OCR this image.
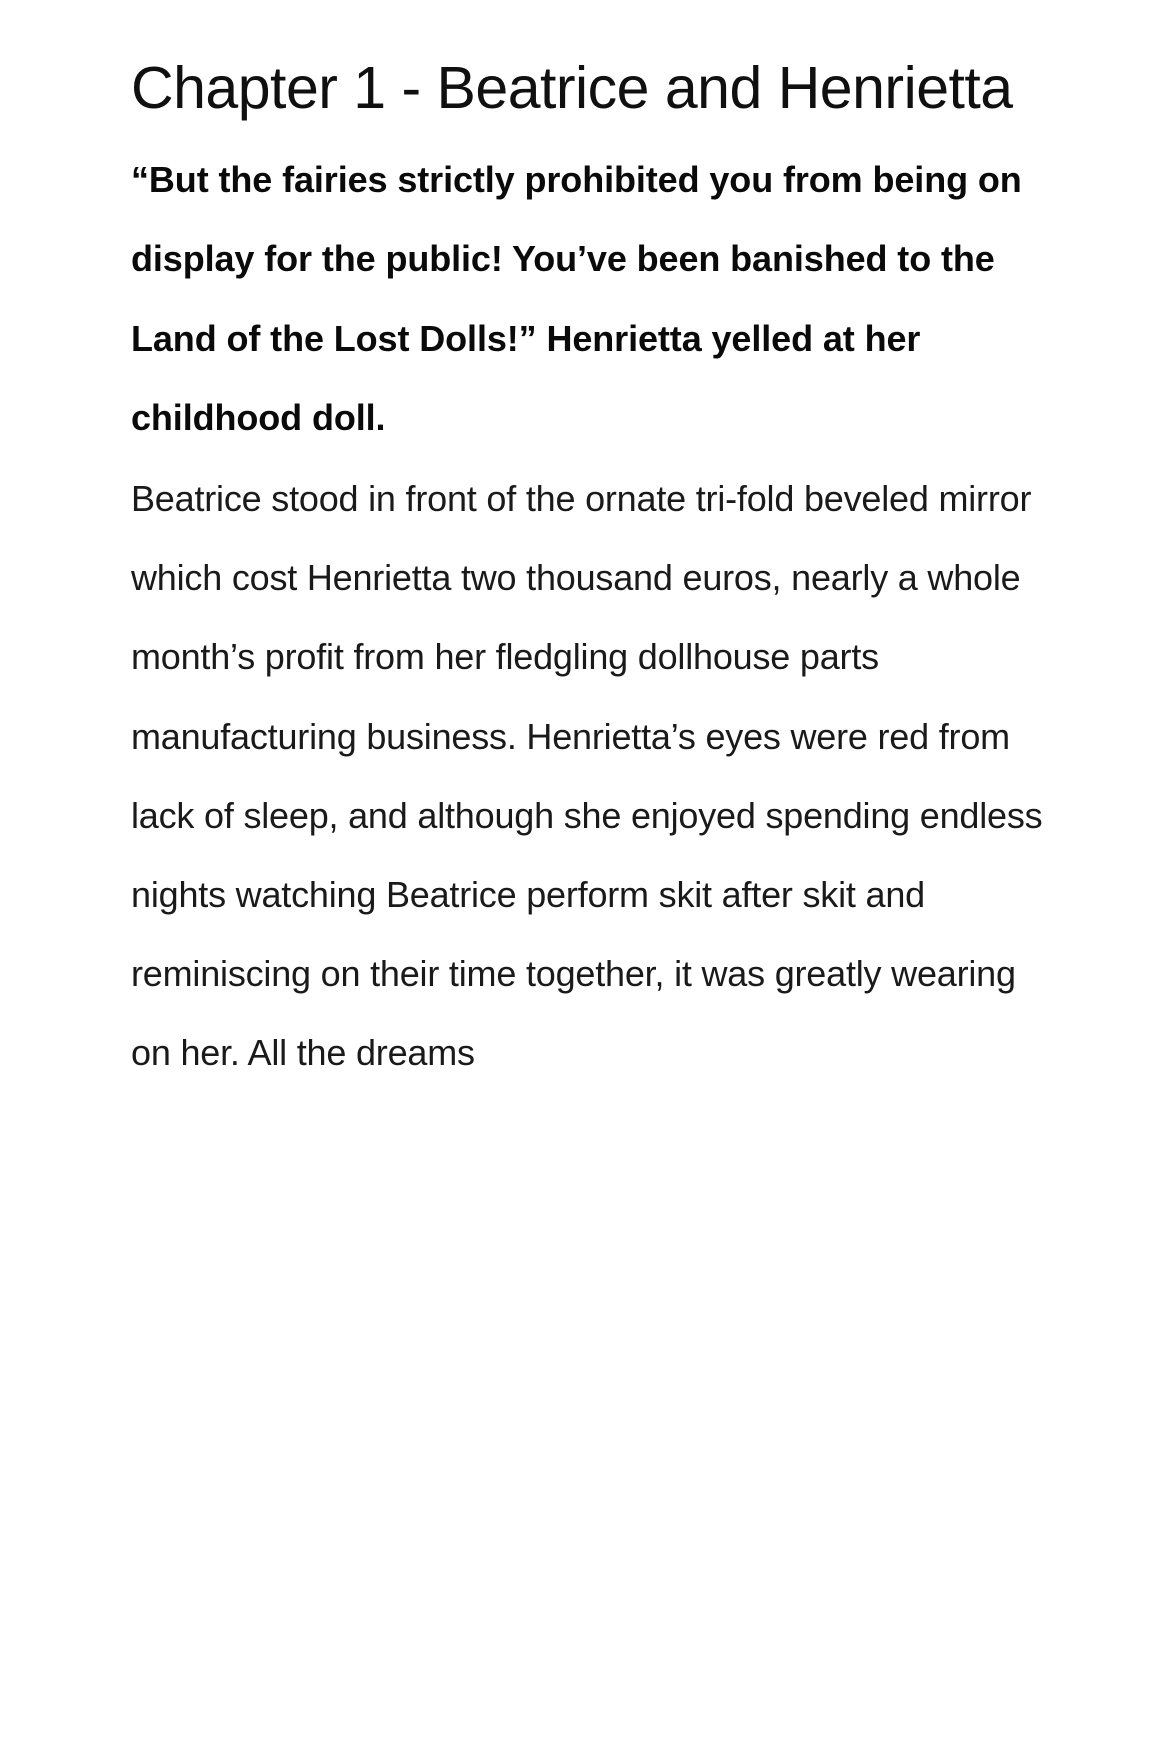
Chapter 1 - Beatrice and Henrietta

“But the fairies strictly prohibited you from being on display for the public! You’ve been banished to the Land of the Lost Dolls!” Henrietta yelled at her childhood doll.

Beatrice stood in front of the ornate tri-fold beveled mirror which cost Henrietta two thousand euros, nearly a whole month’s profit from her fledgling dollhouse parts manufacturing business. Henrietta’s eyes were red from lack of sleep, and although she enjoyed spending endless nights watching Beatrice perform skit after skit and reminiscing on their time together, it was greatly wearing on her. All the dreams
